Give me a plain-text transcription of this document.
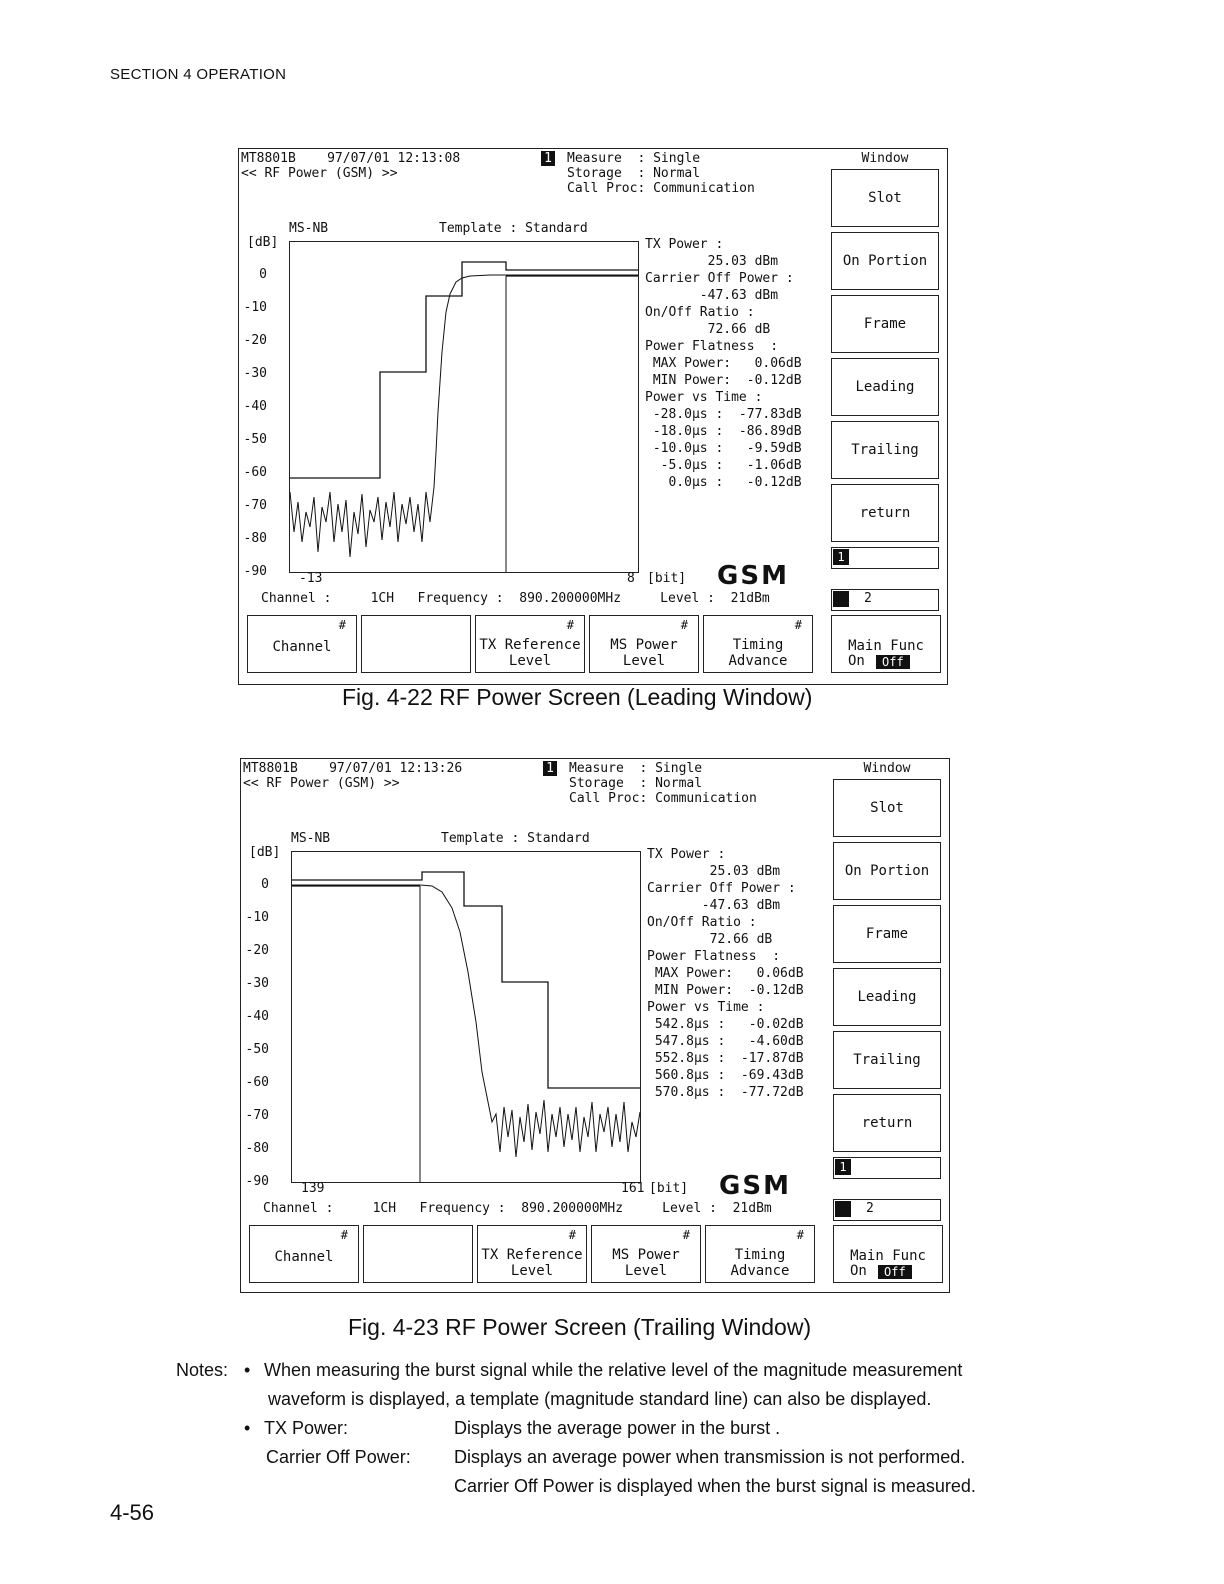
SECTION 4 OPERATION
MT8801B    97/07/01 12:13:08
<< RF Power (GSM) >>
1 Measure  : Single
Storage  : Normal
Call Proc: Communication
MS-NB	Template : Standard
[dB]
0
-10
-20
-30
-40
-50
-60
-70
-80
-90 -13	8 [bit]
TX Power :
25.03 dBm
Carrier Off Power :
-47.63 dBm
On/Off Ratio :
72.66 dB
Power Flatness  :
MAX Power:   0.06dB
MIN Power:  -0.12dB
Power vs Time :
-28.0µs :  -77.83dB
-18.0µs :  -86.89dB
-10.0µs :   -9.59dB
-5.0µs :   -1.06dB
0.0µs :   -0.12dB
GSM
Channel :     1CH   Frequency :  890.200000MHz     Level :  21dBm
Window
Slot
On Portion
Frame
Leading
Trailing
return
1
2
#
Channel
#
TX Reference
Level
#
MS Power
Level
#
Timing
Advance
Main Func
On	Off
Fig. 4-22 RF Power Screen (Leading Window)
MT8801B    97/07/01 12:13:26
<< RF Power (GSM) >>
1 Measure  : Single
Storage  : Normal
Call Proc: Communication
MS-NB	Template : Standard
[dB]
0
-10
-20
-30
-40
-50
-60
-70
-80
-90 139	161 [bit]
TX Power :
25.03 dBm
Carrier Off Power :
-47.63 dBm
On/Off Ratio :
72.66 dB
Power Flatness  :
MAX Power:   0.06dB
MIN Power:  -0.12dB
Power vs Time :
542.8µs :   -0.02dB
547.8µs :   -4.60dB
552.8µs :  -17.87dB
560.8µs :  -69.43dB
570.8µs :  -77.72dB
GSM
Channel :     1CH   Frequency :  890.200000MHz     Level :  21dBm
Window
Slot
On Portion
Frame
Leading
Trailing
return
1
2
#
Channel
#
TX Reference
Level
#
MS Power
Level
#
Timing
Advance
Main Func
On	Off
Fig. 4-23 RF Power Screen (Trailing Window)
Notes: • When measuring the burst signal while the relative level of the magnitude measurement
waveform is displayed, a template (magnitude standard line) can also be displayed.
• TX Power:	Displays the average power in the burst .
Carrier Off Power: Displays an average power when transmission is not performed.
Carrier Off Power is displayed when the burst signal is measured.
4-56
